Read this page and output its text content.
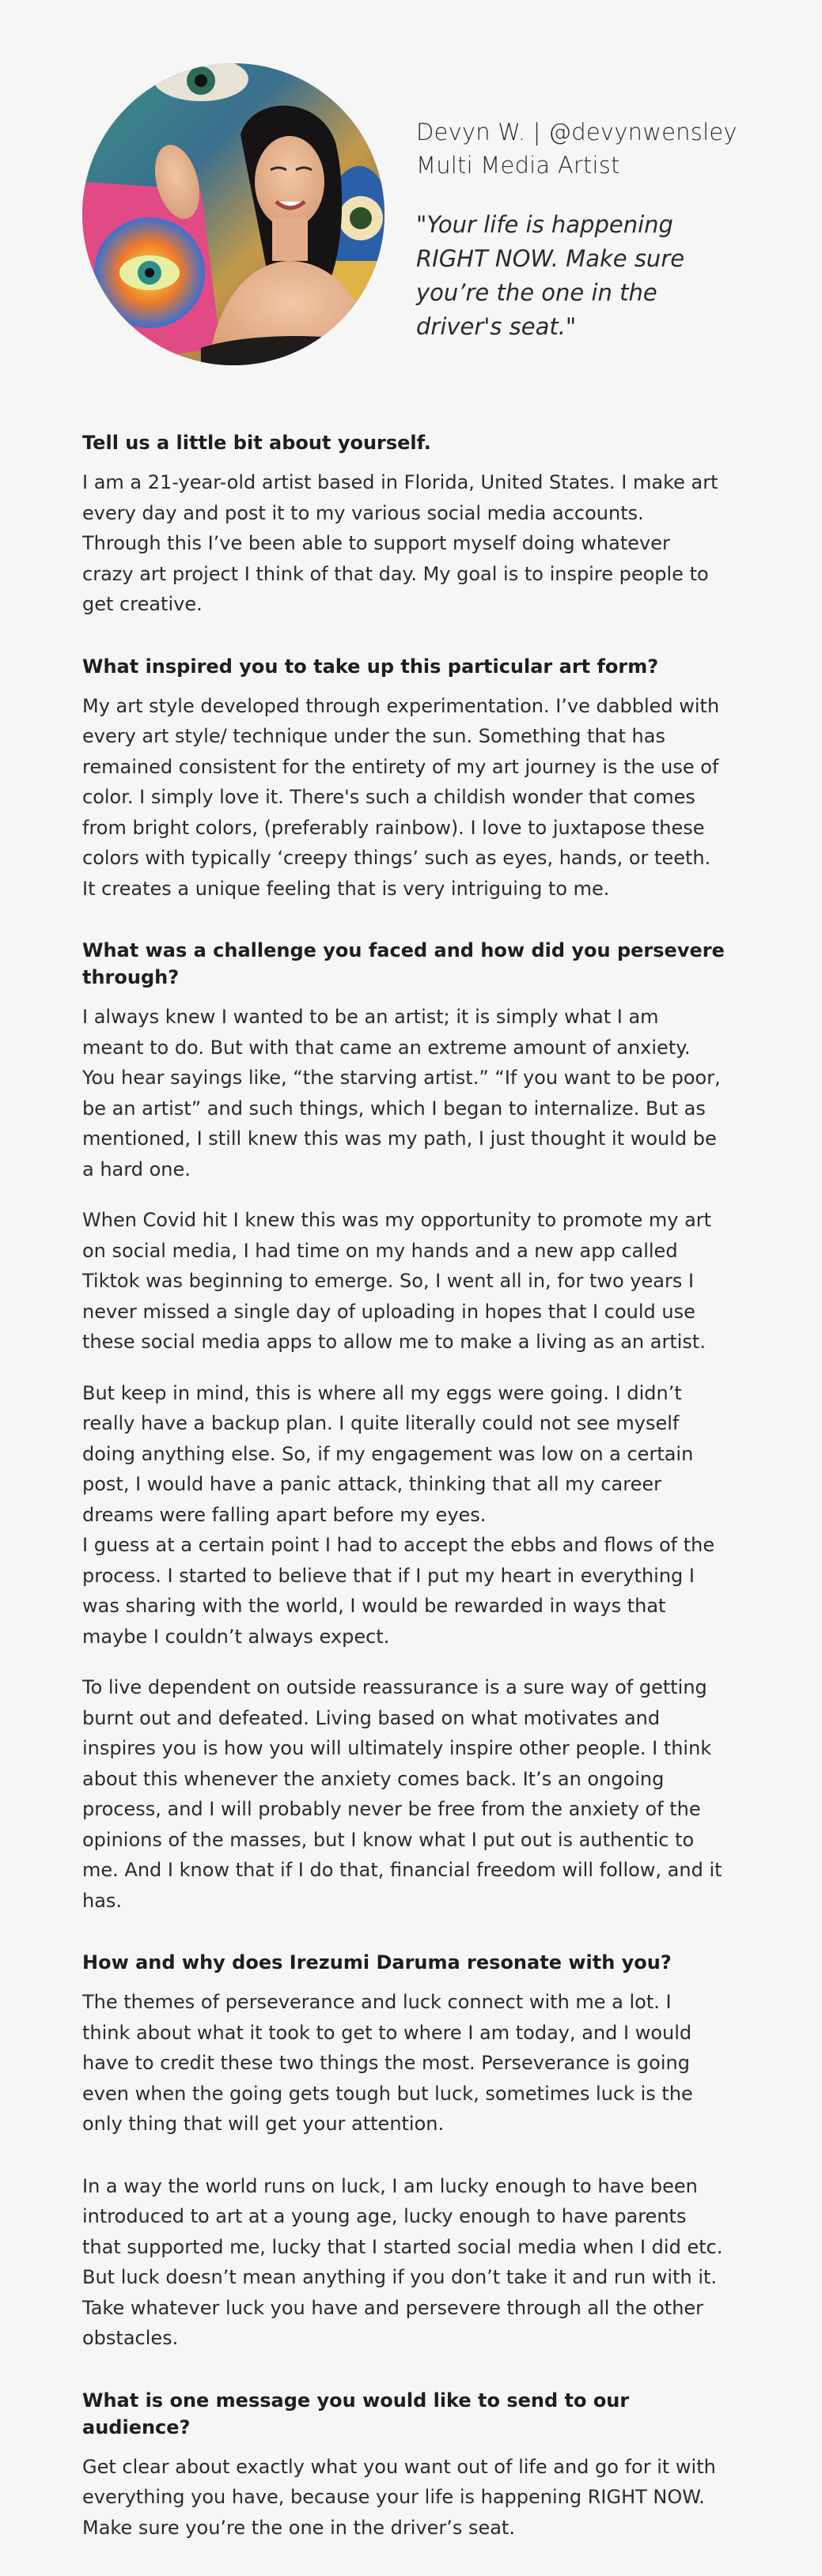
Devyn W. | @devynwensley
Multi Media Artist
"Your life is happening RIGHT NOW. Make sure you’re the one in the driver's seat."
Tell us a little bit about yourself.

I am a 21-year-old artist based in Florida, United States. I make art every day and post it to my various social media accounts. Through this I’ve been able to support myself doing whatever crazy art project I think of that day. My goal is to inspire people to get creative.

What inspired you to take up this particular art form?

My art style developed through experimentation. I’ve dabbled with every art style/ technique under the sun. Something that has remained consistent for the entirety of my art journey is the use of color. I simply love it. There's such a childish wonder that comes from bright colors, (preferably rainbow). I love to juxtapose these colors with typically ‘creepy things’ such as eyes, hands, or teeth. It creates a unique feeling that is very intriguing to me.

What was a challenge you faced and how did you persevere through?

I always knew I wanted to be an artist; it is simply what I am meant to do. But with that came an extreme amount of anxiety. You hear sayings like, “the starving artist.” “If you want to be poor, be an artist” and such things, which I began to internalize. But as mentioned, I still knew this was my path, I just thought it would be a hard one.

When Covid hit I knew this was my opportunity to promote my art on social media, I had time on my hands and a new app called Tiktok was beginning to emerge. So, I went all in, for two years I never missed a single day of uploading in hopes that I could use these social media apps to allow me to make a living as an artist.

But keep in mind, this is where all my eggs were going. I didn’t really have a backup plan. I quite literally could not see myself doing anything else. So, if my engagement was low on a certain post, I would have a panic attack, thinking that all my career dreams were falling apart before my eyes.

I guess at a certain point I had to accept the ebbs and flows of the process. I started to believe that if I put my heart in everything I was sharing with the world, I would be rewarded in ways that maybe I couldn’t always expect.

To live dependent on outside reassurance is a sure way of getting burnt out and defeated. Living based on what motivates and inspires you is how you will ultimately inspire other people. I think about this whenever the anxiety comes back. It’s an ongoing process, and I will probably never be free from the anxiety of the opinions of the masses, but I know what I put out is authentic to me. And I know that if I do that, financial freedom will follow, and it has.

How and why does Irezumi Daruma resonate with you?

The themes of perseverance and luck connect with me a lot. I think about what it took to get to where I am today, and I would have to credit these two things the most. Perseverance is going even when the going gets tough but luck, sometimes luck is the only thing that will get your attention.

In a way the world runs on luck, I am lucky enough to have been introduced to art at a young age, lucky enough to have parents that supported me, lucky that I started social media when I did etc. But luck doesn’t mean anything if you don’t take it and run with it. Take whatever luck you have and persevere through all the other obstacles.

What is one message you would like to send to our audience?

Get clear about exactly what you want out of life and go for it with everything you have, because your life is happening RIGHT NOW. Make sure you’re the one in the driver’s seat.
